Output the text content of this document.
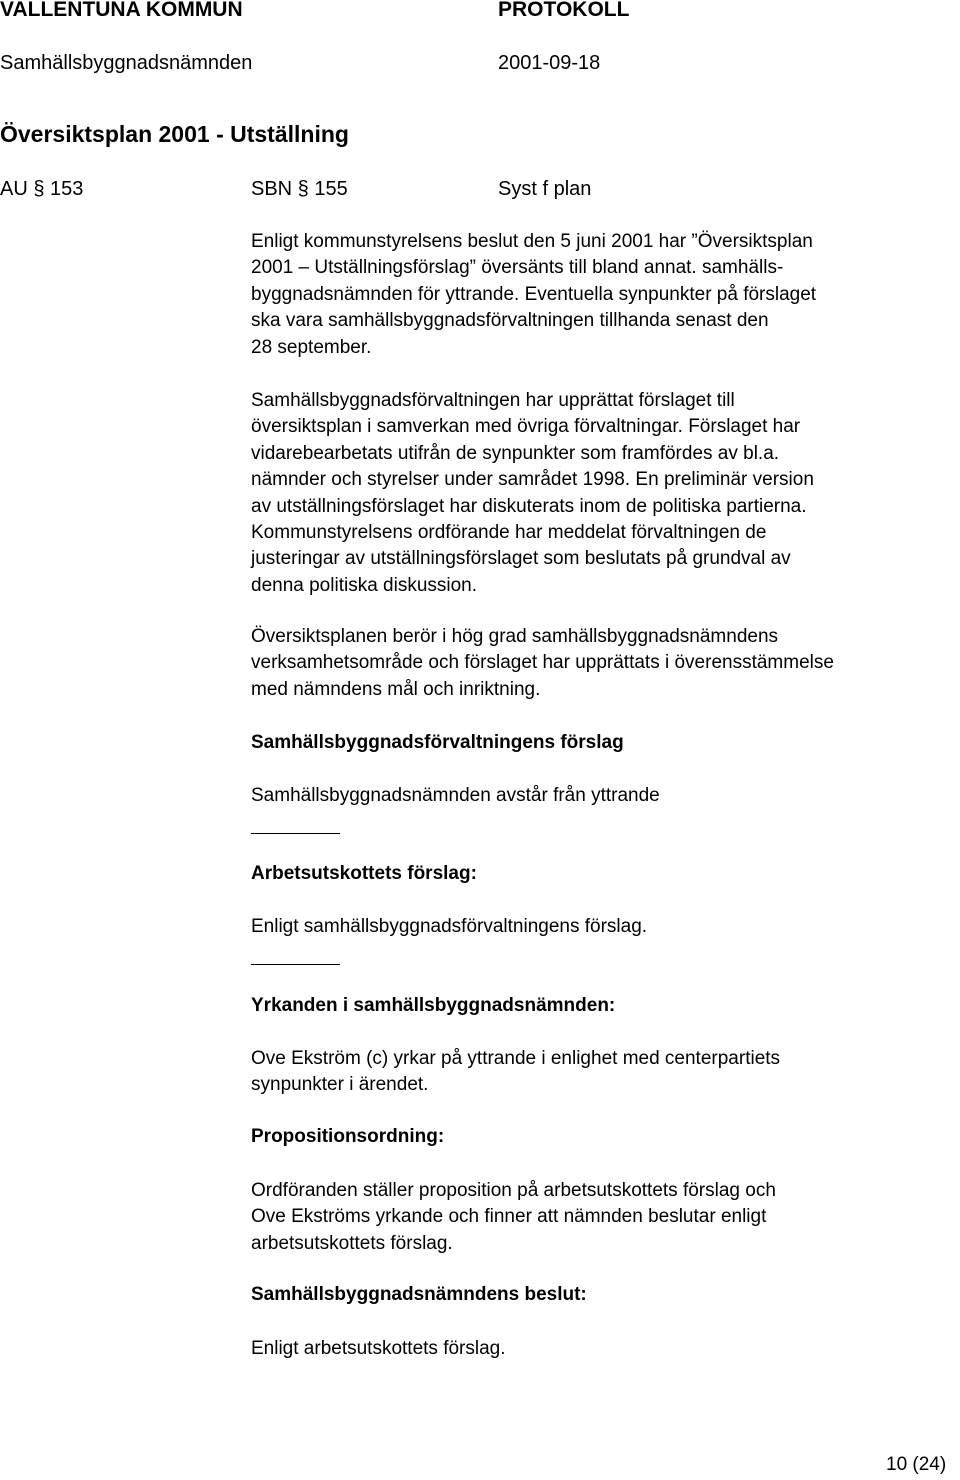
VALLENTUNA KOMMUN	PROTOKOLL
Samhällsbyggnadsnämnden	2001-09-18
Översiktsplan 2001 - Utställning
AU § 153	SBN § 155	Syst f plan
Enligt kommunstyrelsens beslut den 5 juni 2001 har ”Översiktsplan
2001 – Utställningsförslag” översänts till bland annat. samhälls-
byggnadsnämnden för yttrande. Eventuella synpunkter på förslaget
ska vara samhällsbyggnadsförvaltningen tillhanda senast den
28 september.
Samhällsbyggnadsförvaltningen har upprättat förslaget till
översiktsplan i samverkan med övriga förvaltningar. Förslaget har
vidarebearbetats utifrån de synpunkter som framfördes av bl.a.
nämnder och styrelser under samrådet 1998. En preliminär version
av utställningsförslaget har diskuterats inom de politiska partierna.
Kommunstyrelsens ordförande har meddelat förvaltningen de
justeringar av utställningsförslaget som beslutats på grundval av
denna politiska diskussion.
Översiktsplanen berör i hög grad samhällsbyggnadsnämndens
verksamhetsområde och förslaget har upprättats i överensstämmelse
med nämndens mål och inriktning.
Samhällsbyggnadsförvaltningens förslag
Samhällsbyggnadsnämnden avstår från yttrande
Arbetsutskottets förslag:
Enligt samhällsbyggnadsförvaltningens förslag.
Yrkanden i samhällsbyggnadsnämnden:
Ove Ekström (c) yrkar på yttrande i enlighet med centerpartiets
synpunkter i ärendet.
Propositionsordning:
Ordföranden ställer proposition på arbetsutskottets förslag och
Ove Ekströms yrkande och finner att nämnden beslutar enligt
arbetsutskottets förslag.
Samhällsbyggnadsnämndens beslut:
Enligt arbetsutskottets förslag.
10 (24)
